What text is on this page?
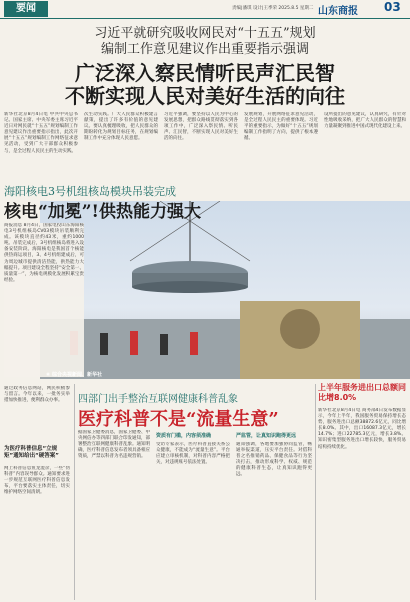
要闻	责编|潘琪 设计|王季荣 2025.8.5 星期二 山东商报 03
习近平就研究吸收网民对“十五五”规划
编制工作意见建议作出重要指示强调
广泛深入察民情听民声汇民智
不断实现人民对美好生活的向往
新华社北京8月4日电 中共中央总书记、国家主席、中央军委主席习近平近日对网民就“十五五”规划编制工作意见建议作出重要指示指出，此次开展“十五五”规划编制工作网络征求意见活动，受到广大干部群众积极参与，是全过程人民民主的生动实践。
次生动实践。广大人民群众积极建言献策，提出了许多有价值的意见建议。要认真梳理吸收，把人民群众的期盼转化为规划目标任务，在规划编制工作中充分体现人民意愿。
习近平强调，要坚持以人民为中心的发展思想，把群众路线贯彻落实到各项工作中，广泛深入察民情、听民声、汇民智，不断实现人民对美好生活的向往。
发展规划，开展网络征求意见活动，是全过程人民民主的重要体现。习近平的重要指示，为做好“十五五”规划编制工作指明了方向，提供了根本遵循。
设所提出的意见建议，认真研究，有针对性地吸收采纳，把广大人民群众的智慧和力量凝聚到推进中国式现代化建设上来。
海阳核电3号机组核岛模块吊装完成
核电“加冕”!供热能力强大
商报消息 8月4日，国家电投山东海阳核电3号机组核岛CV03模块吊装顺利完成。该模块直径约43米，重约1000吨。吊装完成后，3号机组核岛将进入设备安装阶段。海阳核电是我国首个核能供热商运项目，3、4号机组建成后，可为周边城市提供清洁热能，供热能力大幅提升。项目建设全程坚持“安全第一、质量第一”，为核电规模化发展积累宝贵经验。
⑥ 综合央视新闻、新华社
通过政务信息网站，网民积极参与留言。今年以来，一批务实举措加快推进，便利群众办事。
为医疗科普信息“立规矩”通知给出“硬答案”
网上科普信息鱼龙混杂，一些“伪科普”内容误导群众。通知要求进一步规范互联网医疗科普信息发布，平台要落实主体责任，切实维护网络空间清朗。
四部门出手整治互联网健康科普乱象
医疗科普不是“流量生意”
据国家卫健委消息，国家卫健委、中央网信办等四部门联合印发通知，部署整治互联网健康科普乱象。通知明确，医疗科普信息发布者须具备相应资质，严禁以科普为名违规营销。
资质有门槛，内容须准确
受访专家表示，医疗科普直接关系公众健康，不能成为“流量生意”。平台应建立审核机制，对科普内容严格把关，对违规账号依法处置。
严监管，让真知识跑得更远
通知强调，各地要加强协同监管，畅通举报渠道，压实平台责任。对借科普之名推销药品、保健食品等行为坚决打击，推动形成科学、权威、规范的健康科普生态，让真知识跑得更远。
上半年服务进出口总额同比增8.0%
新华社北京8月4日电 商务部4日发布数据显示，今年上半年，我国服务贸易保持增长态势，服务进出口总额38872.6亿元，同比增长8.0%。其中，出口16087.3亿元，增长14.7%；进口22785.3亿元，增长3.8%。知识密集型服务进出口增长较快，服务贸易结构持续优化。
